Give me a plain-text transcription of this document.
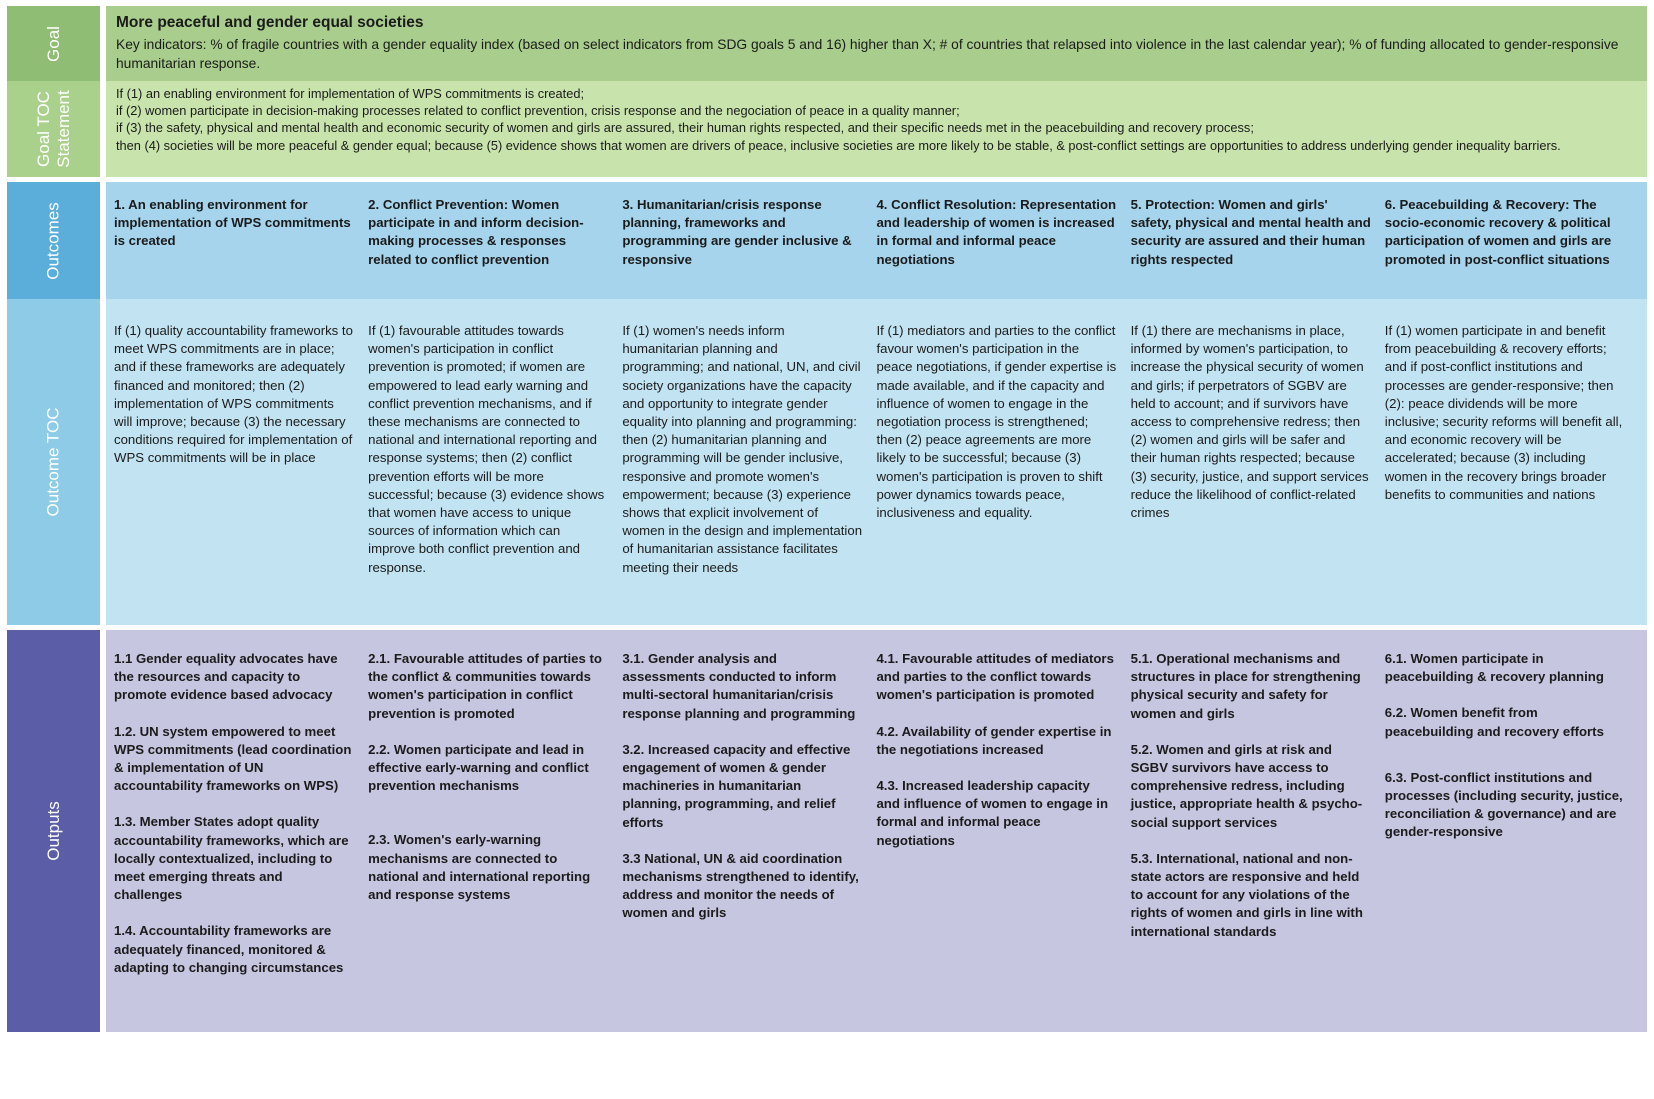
Goal

More peaceful and gender equal societies

Key indicators: % of fragile countries with a gender equality index (based on select indicators from SDG goals 5 and 16) higher than X; # of countries that relapsed into violence in the last calendar year); % of funding allocated to gender-responsive humanitarian response.

Goal TOC
Statement	If (1) an enabling environment for implementation of WPS commitments is created;

if (2) women participate in decision-making processes related to conflict prevention, crisis response and the negociation of peace in a quality manner;

if (3) the safety, physical and mental health and economic security of women and girls are assured, their human rights respected, and their specific needs met in the peacebuilding and recovery process;

then (4) societies will be more peaceful & gender equal; because (5) evidence shows that women are drivers of peace, inclusive societies are more likely to be stable, & post-conflict settings are opportunities to address underlying gender inequality barriers.

Outcomes	1. An enabling environment for implementation of WPS commitments is created
2. Conflict Prevention: Women participate in and inform decision-making processes & responses related to conflict prevention
3. Humanitarian/crisis response planning, frameworks and programming are gender inclusive & responsive
4. Conflict Resolution: Representation and leadership of women is increased in formal and informal peace negotiations
5. Protection: Women and girls' safety, physical and mental health and security are assured and their human rights respected
6. Peacebuilding & Recovery: The socio-economic recovery & political participation of women and girls are promoted in post-conflict situations
Outcome TOC
If (1) quality accountability frameworks to meet WPS commitments are in place; and if these frameworks are adequately financed and monitored; then (2) implementation of WPS commitments will improve; because (3) the necessary conditions required for implementation of WPS commitments will be in place
If (1) favourable attitudes towards women's participation in conflict prevention is promoted; if women are empowered to lead early warning and conflict prevention mechanisms, and if these mechanisms are connected to national and international reporting and response systems; then (2) conflict prevention efforts will be more successful; because (3) evidence shows that women have access to unique sources of information which can improve both conflict prevention and response.
If (1) women's needs inform humanitarian planning and programming; and national, UN, and civil society organizations have the capacity and opportunity to integrate gender equality into planning and programming: then (2) humanitarian planning and programming will be gender inclusive, responsive and promote women's empowerment; because (3) experience shows that explicit involvement of women in the design and implementation of humanitarian assistance facilitates meeting their needs
If (1) mediators and parties to the conflict favour women's participation in the peace negotiations, if gender expertise is made available, and if the capacity and influence of women to engage in the negotiation process is strengthened; then (2) peace agreements are more likely to be successful; because (3) women's participation is proven to shift power dynamics towards peace, inclusiveness and equality.
If (1) there are mechanisms in place, informed by women's participation, to increase the physical security of women and girls; if perpetrators of SGBV are held to account; and if survivors have access to comprehensive redress; then (2) women and girls will be safer and their human rights respected; because (3) security, justice, and support services reduce the likelihood of conflict-related crimes
If (1) women participate in and benefit from peacebuilding & recovery efforts; and if post-conflict institutions and processes are gender-responsive; then (2): peace dividends will be more inclusive; security reforms will benefit all, and economic recovery will be accelerated; because (3) including women in the recovery brings broader benefits to communities and nations
Outputs

1.1 Gender equality advocates have the resources and capacity to promote evidence based advocacy

1.2. UN system empowered to meet WPS commitments (lead coordination & implementation of UN accountability frameworks on WPS)

1.3. Member States adopt quality accountability frameworks, which are locally contextualized, including to meet emerging threats and challenges

1.4. Accountability frameworks are adequately financed, monitored & adapting to changing circumstances

2.1. Favourable attitudes of parties to the conflict & communities towards women's participation in conflict prevention is promoted

2.2. Women participate and lead in effective early-warning and conflict prevention mechanisms

2.3. Women's early-warning mechanisms are connected to national and international reporting and response systems

3.1. Gender analysis and assessments conducted to inform multi-sectoral humanitarian/crisis response planning and programming

3.2. Increased capacity and effective engagement of women & gender machineries in humanitarian planning, programming, and relief efforts

3.3 National, UN & aid coordination mechanisms strengthened to identify, address and monitor the needs of women and girls

4.1. Favourable attitudes of mediators and parties to the conflict towards women's participation is promoted

4.2. Availability of gender expertise in the negotiations increased

4.3. Increased leadership capacity and influence of women to engage in formal and informal peace negotiations

5.1. Operational mechanisms and structures in place for strengthening physical security and safety for women and girls

5.2. Women and girls at risk and SGBV survivors have access to comprehensive redress, including justice, appropriate health & psycho-social support services

5.3. International, national and non-state actors are responsive and held to account for any violations of the rights of women and girls in line with international standards

6.1. Women participate in peacebuilding & recovery planning

6.2. Women benefit from peacebuilding and recovery efforts

6.3. Post-conflict institutions and processes (including security, justice, reconciliation & governance) and are gender-responsive
